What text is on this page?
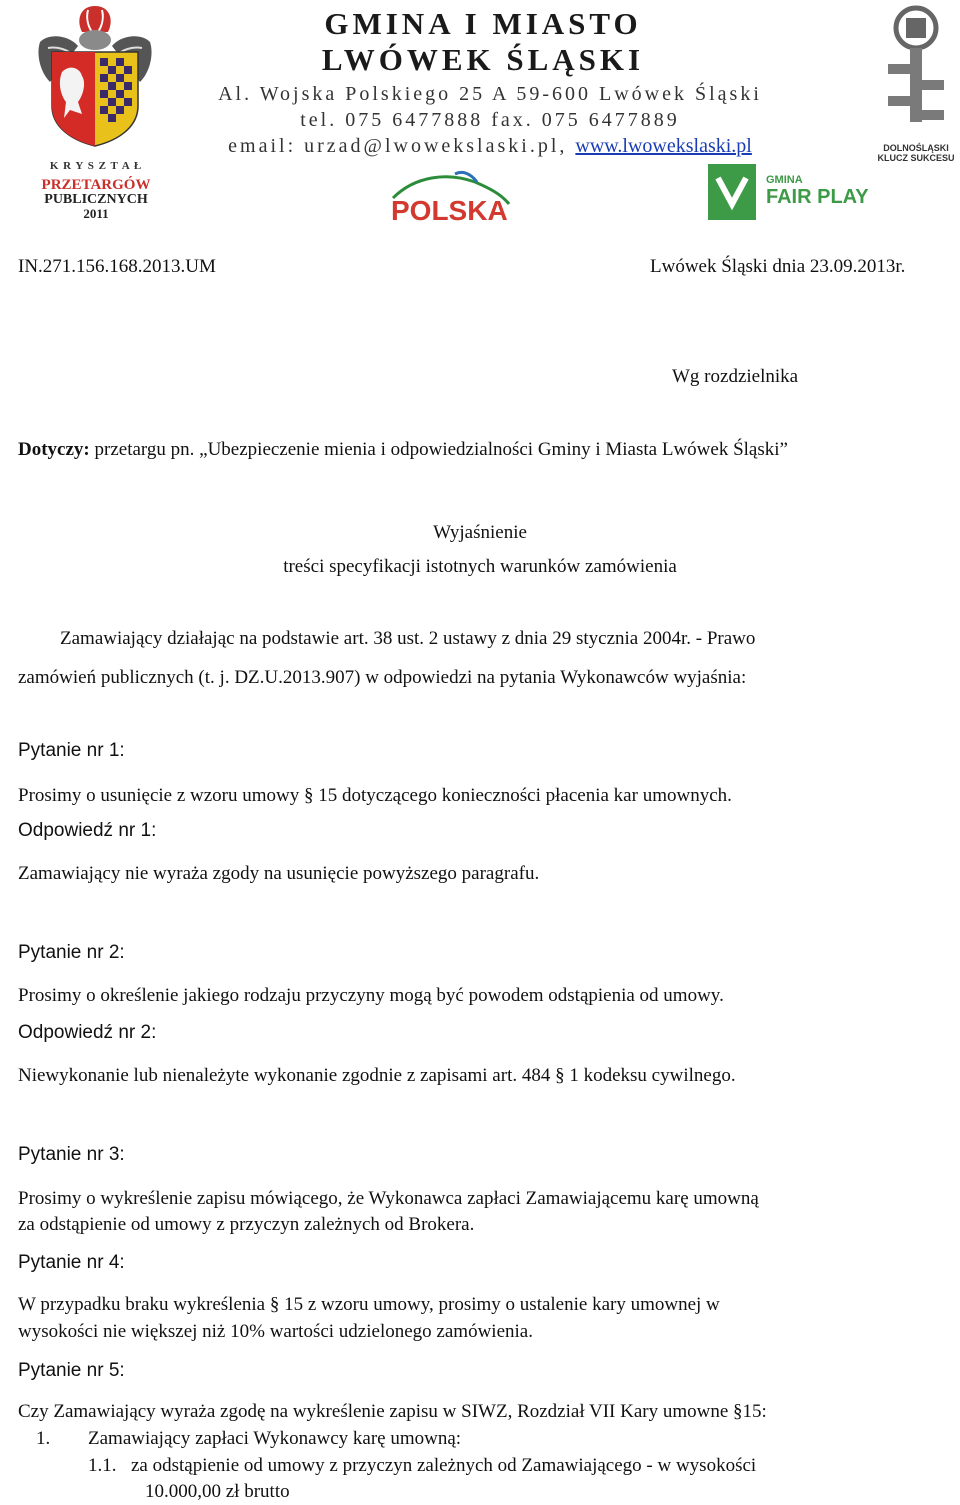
K R Y S Z T A Ł
PRZETARGÓW
PUBLICZNYCH
2011
GMINA I MIASTO
LWÓWEK ŚLĄSKI
Al. Wojska Polskiego 25 A 59-600 Lwówek Śląski
tel. 075 6477888 fax. 075 6477889
email: urzad@lwowekslaski.pl, www.lwowekslaski.pl
POLSKA
DOLNOŚLĄSKI
KLUCZ SUKCESU
GMINA
FAIR PLAY
IN.271.156.168.2013.UM	Lwówek Śląski dnia 23.09.2013r.
Wg rozdzielnika
Dotyczy: przetargu pn. „Ubezpieczenie mienia i odpowiedzialności Gminy i Miasta Lwówek Śląski”
Wyjaśnienie
treści specyfikacji istotnych warunków zamówienia
Zamawiający działając na podstawie art. 38 ust. 2 ustawy z dnia 29 stycznia 2004r. - Prawo
zamówień publicznych (t. j. DZ.U.2013.907) w odpowiedzi na pytania Wykonawców wyjaśnia:
Pytanie nr 1:
Prosimy o usunięcie z wzoru umowy § 15 dotyczącego konieczności płacenia kar umownych.
Odpowiedź nr 1:
Zamawiający nie wyraża zgody na usunięcie powyższego paragrafu.
Pytanie nr 2:
Prosimy o określenie jakiego rodzaju przyczyny mogą być powodem odstąpienia od umowy.
Odpowiedź nr 2:
Niewykonanie lub nienależyte wykonanie zgodnie z zapisami art. 484 § 1 kodeksu cywilnego.
Pytanie nr 3:
Prosimy o wykreślenie zapisu mówiącego, że Wykonawca zapłaci Zamawiającemu karę umowną
za odstąpienie od umowy z przyczyn zależnych od Brokera.
Pytanie nr 4:
W przypadku braku wykreślenia § 15 z wzoru umowy, prosimy o ustalenie kary umownej w
wysokości nie większej niż 10% wartości udzielonego zamówienia.
Pytanie nr 5:
Czy Zamawiający wyraża zgodę na wykreślenie zapisu w SIWZ, Rozdział VII Kary umowne §15:
1. Zamawiający zapłaci Wykonawcy karę umowną:
1.1. za odstąpienie od umowy z przyczyn zależnych od Zamawiającego - w wysokości
10.000,00 zł brutto
